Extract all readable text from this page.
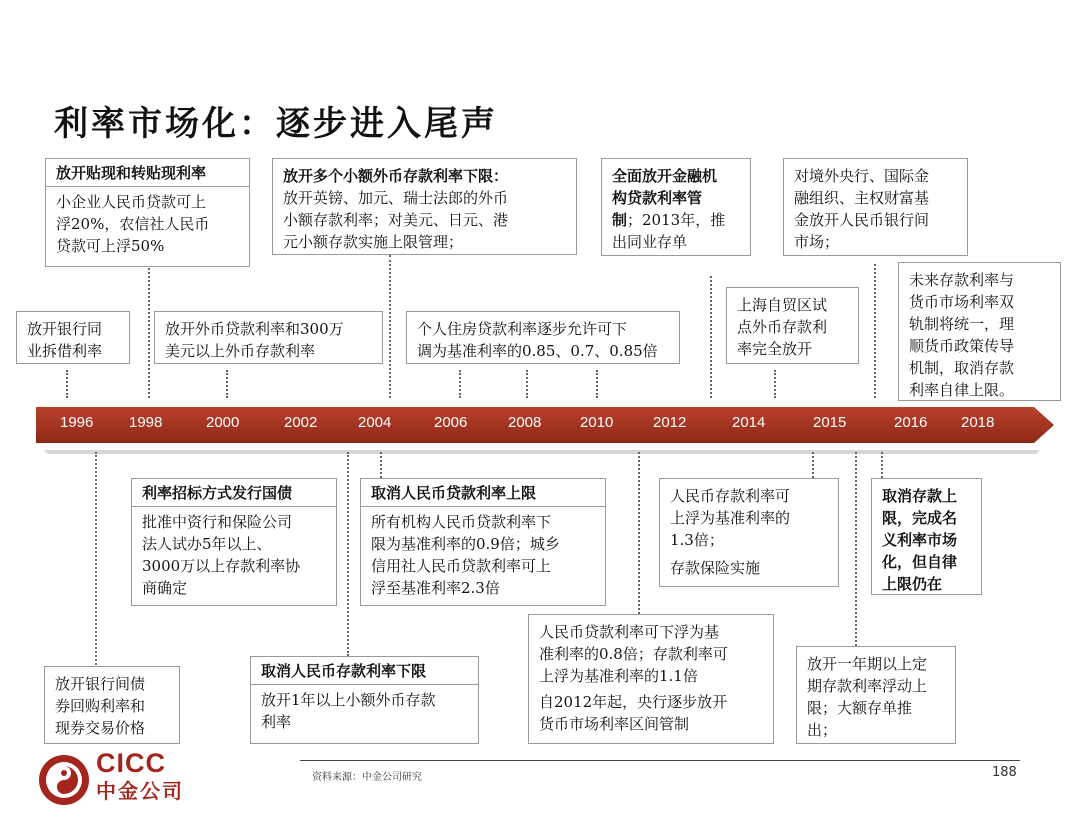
利率市场化：逐步进入尾声
1996 1998	2000	2002	2004	2006	2008	2010	2012	2014	2015	2016 2018
放开贴现和转贴现利率
小企业人民币贷款可上
浮20%，农信社人民币
贷款可上浮50%
放开多个小额外币存款利率下限：
放开英镑、加元、瑞士法郎的外币
小额存款利率；对美元、日元、港
元小额存款实施上限管理；
全面放开金融机
构贷款利率管
制；2013年，推
出同业存单
对境外央行、国际金
融组织、主权财富基
金放开人民币银行间
市场；
放开银行同
业拆借利率
放开外币贷款利率和300万
美元以上外币存款利率
个人住房贷款利率逐步允许可下
调为基准利率的0.85、0.7、0.85倍
上海自贸区试
点外币存款利
率完全放开
未来存款利率与
货币市场利率双
轨制将统一，理
顺货币政策传导
机制，取消存款
利率自律上限。
利率招标方式发行国债
批准中资行和保险公司
法人试办5年以上、
3000万以上存款利率协
商确定
取消人民币贷款利率上限
所有机构人民币贷款利率下
限为基准利率的0.9倍；城乡
信用社人民币贷款利率可上
浮至基准利率2.3倍
人民币存款利率可
上浮为基准利率的
1.3倍；

存款保险实施
取消存款上
限，完成名
义利率市场
化，但自律
上限仍在
放开银行间债
券回购利率和
现券交易价格
取消人民币存款利率下限
放开1年以上小额外币存款
利率
人民币贷款利率可下浮为基
准利率的0.8倍；存款利率可
上浮为基准利率的1.1倍

自2012年起，央行逐步放开
货币市场利率区间管制
放开一年期以上定
期存款利率浮动上
限；大额存单推
出；
资料来源：中金公司研究	188
CICC
中金公司
